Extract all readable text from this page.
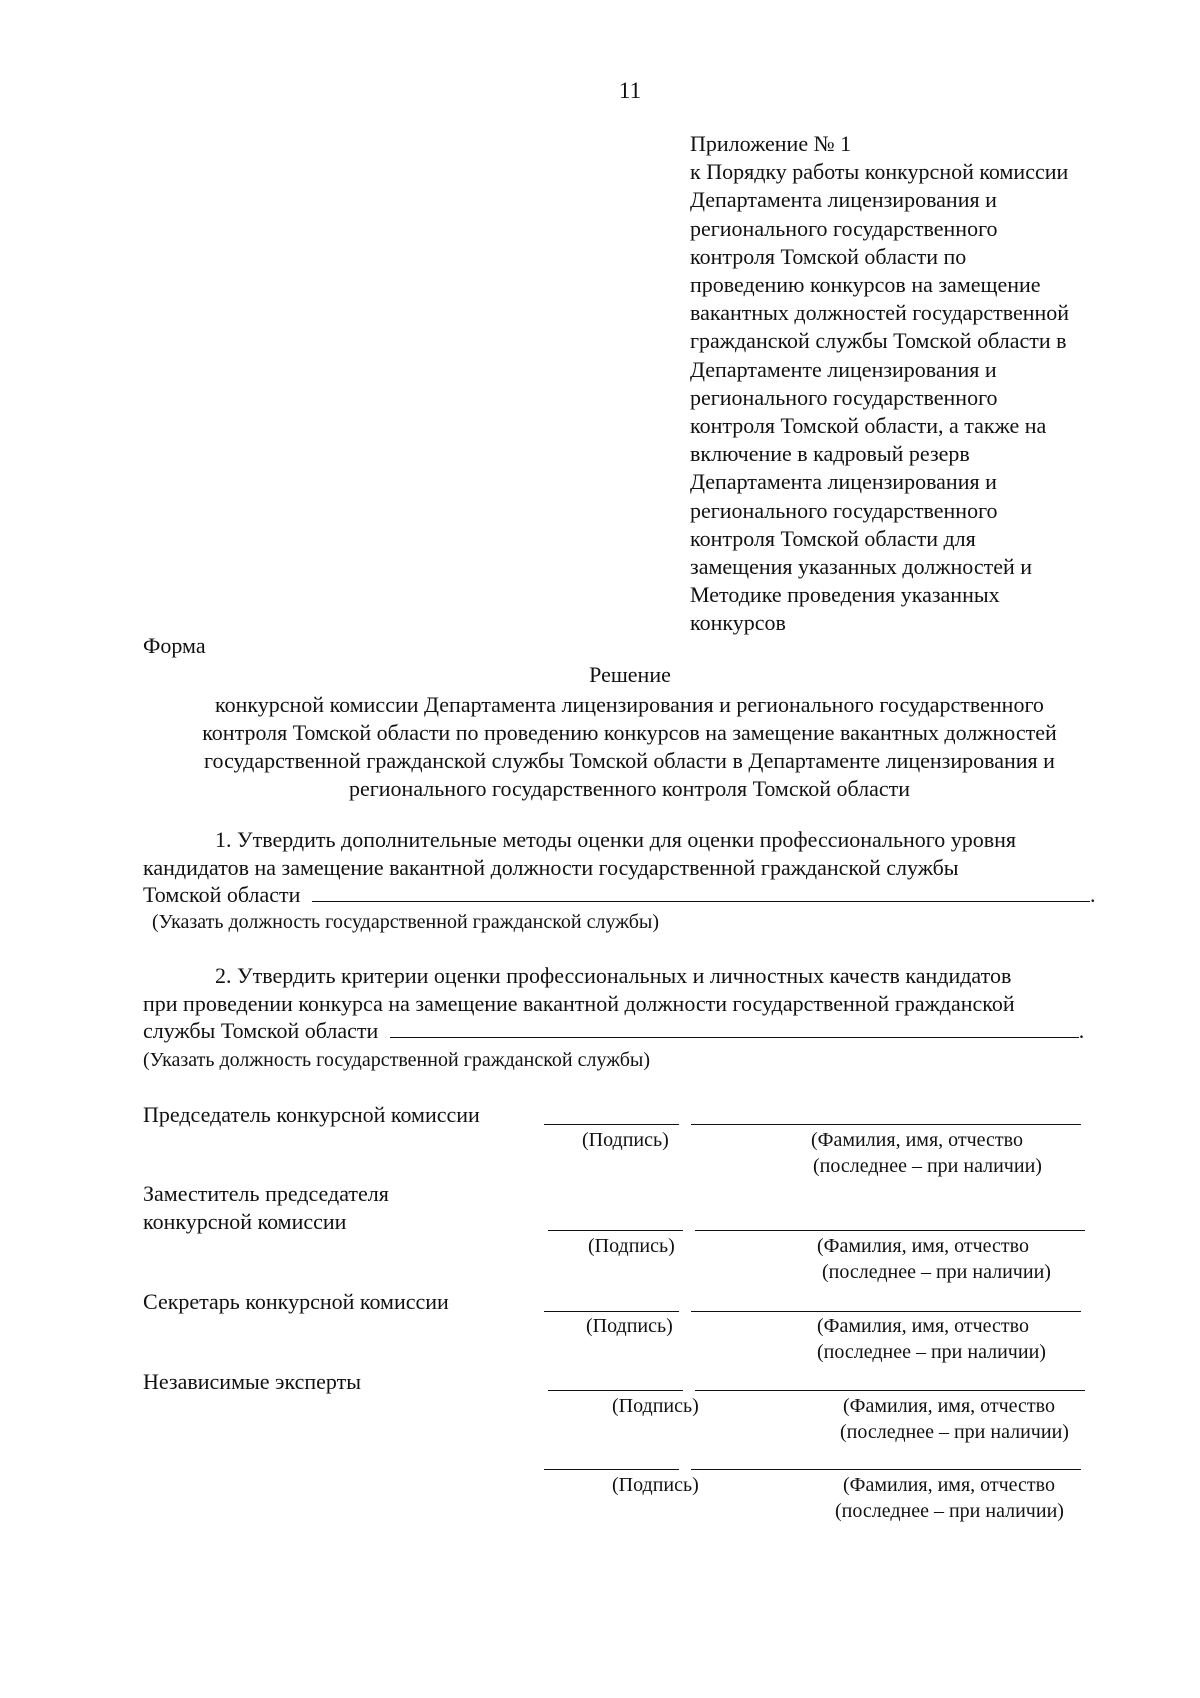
11
Приложение № 1
к Порядку работы конкурсной комиссии
Департамента лицензирования и
регионального государственного
контроля Томской области по
проведению конкурсов на замещение
вакантных должностей государственной
гражданской службы Томской области в
Департаменте лицензирования и
регионального государственного
контроля Томской области, а также на
включение в кадровый резерв
Департамента лицензирования и
регионального государственного
контроля Томской области для
замещения указанных должностей и
Методике проведения указанных
конкурсов
Форма
Решение
конкурсной комиссии Департамента лицензирования и регионального государственного
контроля Томской области по проведению конкурсов на замещение вакантных должностей
государственной гражданской службы Томской области в Департаменте лицензирования и
регионального государственного контроля Томской области
1. Утвердить дополнительные методы оценки для оценки профессионального уровня
кандидатов на замещение вакантной должности государственной гражданской службы
Томской области	.
(Указать должность государственной гражданской службы)
2. Утвердить критерии оценки профессиональных и личностных качеств кандидатов
при проведении конкурса на замещение вакантной должности государственной гражданской
службы Томской области	.
(Указать должность государственной гражданской службы)
Председатель конкурсной комиссии
(Подпись)	(Фамилия, имя, отчество
(последнее – при наличии)
Заместитель председателя
конкурсной комиссии
(Подпись)	(Фамилия, имя, отчество
(последнее – при наличии)
Секретарь конкурсной комиссии
(Подпись)	(Фамилия, имя, отчество
(последнее – при наличии)
Независимые эксперты
(Подпись)	(Фамилия, имя, отчество
(последнее – при наличии)
(Подпись)	(Фамилия, имя, отчество
(последнее – при наличии)
